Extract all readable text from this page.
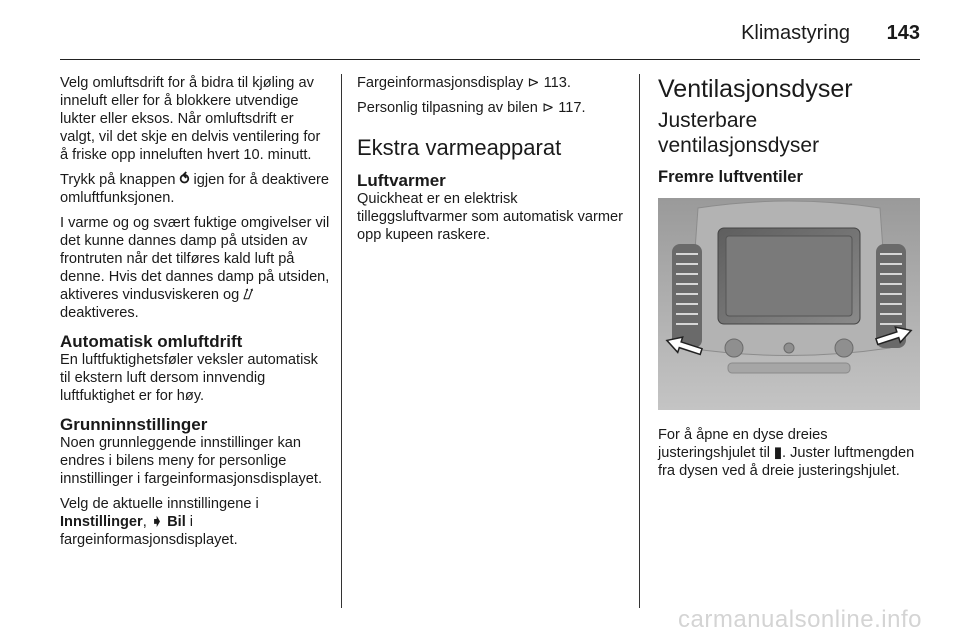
Klimastyring 143

Velg omluftsdrift for å bidra til kjøling av inneluft eller for å blokkere utvendige lukter eller eksos. Når omluftsdrift er valgt, vil det skje en delvis ventilering for å friske opp inneluften hvert 10. minutt.

Trykk på knappen ⥀ igjen for å deaktivere omluftfunksjonen.

I varme og og svært fuktige omgivelser vil det kunne dannes damp på utsiden av frontruten når det tilføres kald luft på denne. Hvis det dannes damp på utsiden, aktiveres vindusviskeren og ⌰ deaktiveres.

Automatisk omluftdrift

En luftfuktighetsføler veksler automatisk til ekstern luft dersom innvendig luftfuktighet er for høy.

Grunninnstillinger

Noen grunnleggende innstillinger kan endres i bilens meny for personlige innstillinger i fargeinformasjonsdisplayet.

Velg de aktuelle innstillingene i Innstillinger, ➧ Bil i fargeinformasjonsdisplayet.

Fargeinformasjonsdisplay ⊳ 113.

Personlig tilpasning av bilen ⊳ 117.

Ekstra varmeapparat
Luftvarmer

Quickheat er en elektrisk tilleggsluftvarmer som automatisk varmer opp kupeen raskere.

Ventilasjonsdyser
Justerbare ventilasjonsdyser
Fremre luftventiler

For å åpne en dyse dreies justeringshjulet til ▮. Juster luftmengden fra dysen ved å dreie justeringshjulet.

carmanualsonline.info
